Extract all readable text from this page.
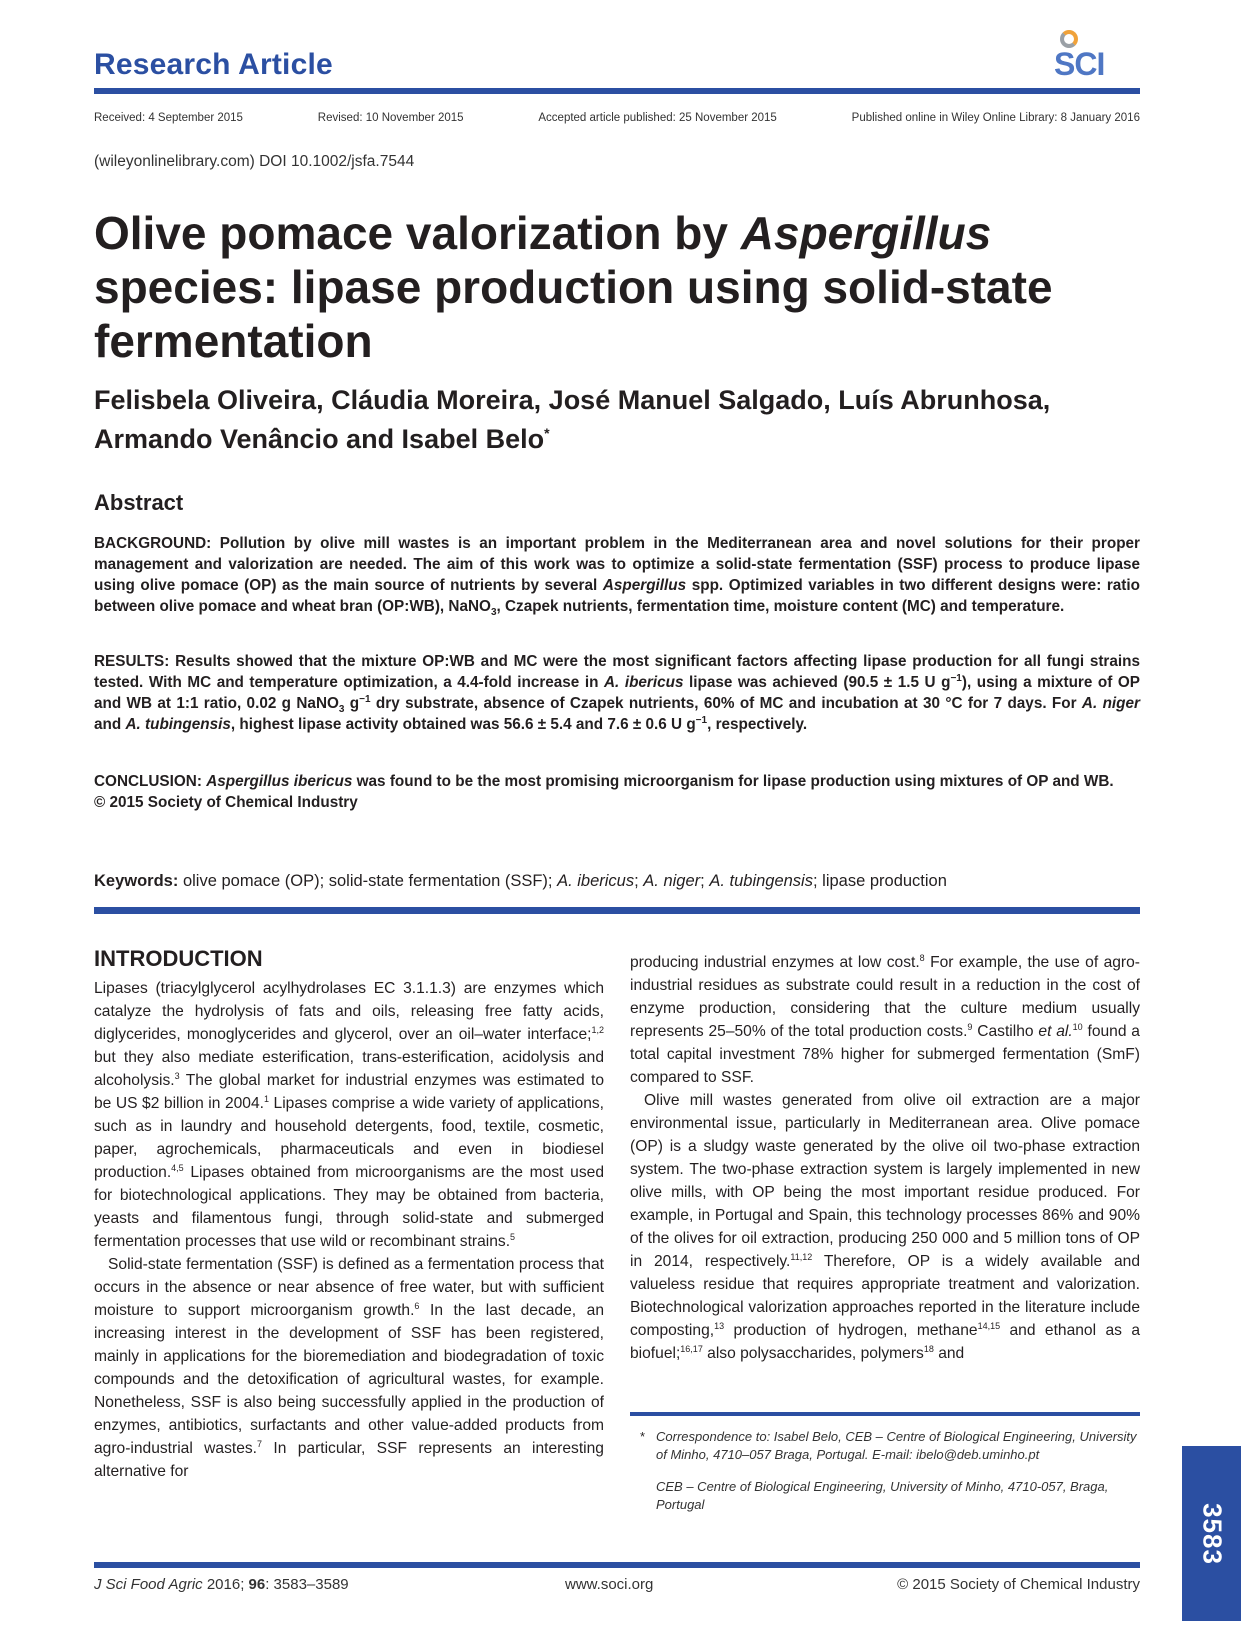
Research Article	SCI
Received: 4 September 2015	Revised: 10 November 2015	Accepted article published: 25 November 2015	Published online in Wiley Online Library: 8 January 2016
(wileyonlinelibrary.com) DOI 10.1002/jsfa.7544
Olive pomace valorization by Aspergillus
species: lipase production using solid-state fermentation
Felisbela Oliveira, Cláudia Moreira, José Manuel Salgado, Luís Abrunhosa,
Armando Venâncio and Isabel Belo*
Abstract
BACKGROUND: Pollution by olive mill wastes is an important problem in the Mediterranean area and novel solutions for their proper management and valorization are needed. The aim of this work was to optimize a solid-state fermentation (SSF) process to produce lipase using olive pomace (OP) as the main source of nutrients by several Aspergillus spp. Optimized variables in two different designs were: ratio between olive pomace and wheat bran (OP:WB), NaNO$_3$, Czapek nutrients, fermentation time, moisture content (MC) and temperature.
RESULTS: Results showed that the mixture OP:WB and MC were the most significant factors affecting lipase production for all fungi strains tested. With MC and temperature optimization, a 4.4-fold increase in A. ibericus lipase was achieved (90.5 ± 1.5 U $g^{-1}$), using a mixture of OP and WB at 1:1 ratio, 0.02 g NaNO$_3$ $g^{-1}$ dry substrate, absence of Czapek nutrients, 60% of MC and incubation at 30 °C for 7 days. For A. niger and A. tubingensis, highest lipase activity obtained was 56.6 ± 5.4 and 7.6 ± 0.6 U $g^{-1}$, respectively.
CONCLUSION: Aspergillus ibericus was found to be the most promising microorganism for lipase production using mixtures of OP and WB.
© 2015 Society of Chemical Industry
Keywords: olive pomace (OP); solid-state fermentation (SSF); A. ibericus; A. niger; A. tubingensis; lipase production
INTRODUCTION

Lipases (triacylglycerol acylhydrolases EC 3.1.1.3) are enzymes which catalyze the hydrolysis of fats and oils, releasing free fatty acids, diglycerides, monoglycerides and glycerol, over an oil–water interface;$^{1,2}$ but they also mediate esterification, trans-esterification, acidolysis and alcoholysis.$^3$ The global market for industrial enzymes was estimated to be US $2 billion in 2004.$^1$ Lipases comprise a wide variety of applications, such as in laundry and household detergents, food, textile, cosmetic, paper, agrochemicals, pharmaceuticals and even in biodiesel production.$^{4,5}$ Lipases obtained from microorganisms are the most used for biotechnological applications. They may be obtained from bacteria, yeasts and filamentous fungi, through solid-state and submerged fermentation processes that use wild or recombinant strains.$^5$

Solid-state fermentation (SSF) is defined as a fermentation process that occurs in the absence or near absence of free water, but with sufficient moisture to support microorganism growth.$^6$ In the last decade, an increasing interest in the development of SSF has been registered, mainly in applications for the bioremediation and biodegradation of toxic compounds and the detoxification of agricultural wastes, for example. Nonetheless, SSF is also being successfully applied in the production of enzymes, antibiotics, surfactants and other value-added products from agro-industrial wastes.$^7$ In particular, SSF represents an interesting alternative for

producing industrial enzymes at low cost.$^8$ For example, the use of agro-industrial residues as substrate could result in a reduction in the cost of enzyme production, considering that the culture medium usually represents 25–50% of the total production costs.$^9$ Castilho et al.$^{10}$ found a total capital investment 78% higher for submerged fermentation (SmF) compared to SSF.

Olive mill wastes generated from olive oil extraction are a major environmental issue, particularly in Mediterranean area. Olive pomace (OP) is a sludgy waste generated by the olive oil two-phase extraction system. The two-phase extraction system is largely implemented in new olive mills, with OP being the most important residue produced. For example, in Portugal and Spain, this technology processes 86% and 90% of the olives for oil extraction, producing 250 000 and 5 million tons of OP in 2014, respectively.$^{11,12}$ Therefore, OP is a widely available and valueless residue that requires appropriate treatment and valorization. Biotechnological valorization approaches reported in the literature include composting,$^{13}$ production of hydrogen, methane$^{14,15}$ and ethanol as a biofuel;$^{16,17}$ also polysaccharides, polymers$^{18}$ and

* Correspondence to: Isabel Belo, CEB – Centre of Biological Engineering, University of Minho, 4710–057 Braga, Portugal. E-mail: ibelo@deb.uminho.pt
CEB – Centre of Biological Engineering, University of Minho, 4710-057, Braga, Portugal
J Sci Food Agric 2016; 96: 3583–3589	www.soci.org	© 2015 Society of Chemical Industry
3583
